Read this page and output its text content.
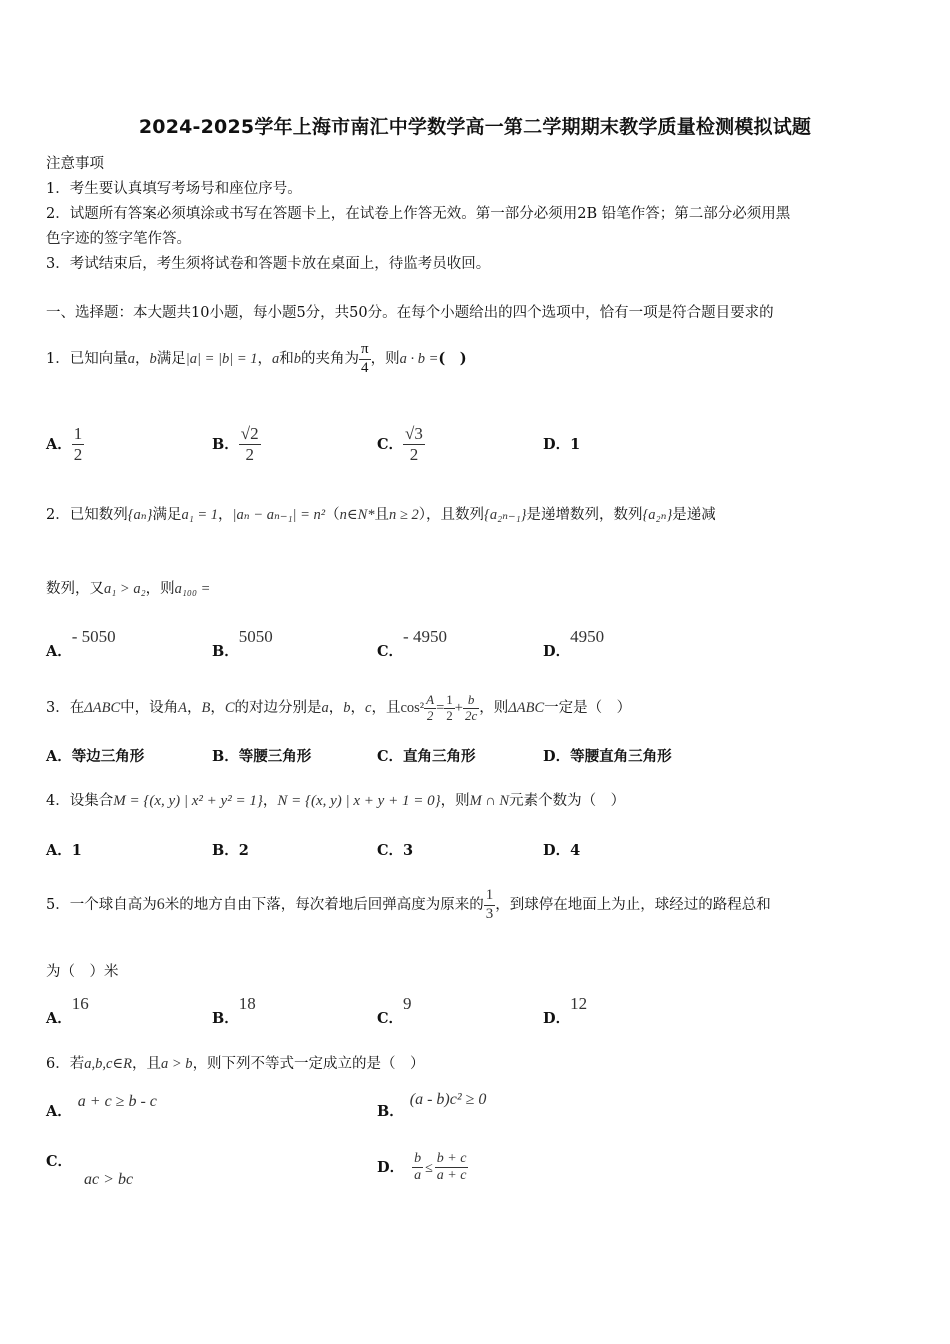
2024-2025学年上海市南汇中学数学高一第二学期期末教学质量检测模拟试题
注意事项
1．考生要认真填写考场号和座位序号。
2．试题所有答案必须填涂或书写在答题卡上，在试卷上作答无效。第一部分必须用2B 铅笔作答；第二部分必须用黑
色字迹的签字笔作答。
3．考试结束后，考生须将试卷和答题卡放在桌面上，待监考员收回。
一、选择题：本大题共10小题，每小题5分，共50分。在每个小题给出的四个选项中，恰有一项是符合题目要求的
1．已知向量a，b满足|a| = |b| = 1，a和b的夹角为 $\frac{\pi}{4}$ ，则a · b =(　)
A． $\frac{1}{2}$	B． $\frac{√2}{2}$	C． $\frac{√3}{2}$	D．1
2．已知数列{aₙ}满足a₁ = 1，|aₙ − aₙ₋₁| = n²（n∈N*且n ≥ 2），且数列{a₂ₙ₋₁}是递增数列，数列{a₂ₙ}是递减
数列，又a₁ > a₂，则a₁₀₀ =
A．- 5050
B．5050
C．- 4950
D．4950
3．在ΔABC中，设角A，B，C的对边分别是a，b，c，且$\cos^2 \frac{A}{2} = \frac{1}{2} + \frac{b}{2c}$ ，则ΔABC一定是（　）
A．等边三角形	B．等腰三角形	C．直角三角形	D．等腰直角三角形
4．设集合M = {(x, y) | x² + y² = 1}，N = {(x, y) | x + y + 1 = 0}，则M ∩ N元素个数为（　）
A．1	B．2	C．3	D．4
5．一个球自高为6米的地方自由下落，每次着地后回弹高度为原来的 $\frac{1}{3}$ ，到球停在地面上为止，球经过的路程总和
为（　）米
A．16
B．18
C．9
D．12
6．若a,b,c∈R，且a > b，则下列不等式一定成立的是（　）
A．a + c ≥ b - c
B．(a - b)c² ≥ 0
C．ac > bc
D． $\frac{b}{a} \le \frac{b + c}{a + c}$
